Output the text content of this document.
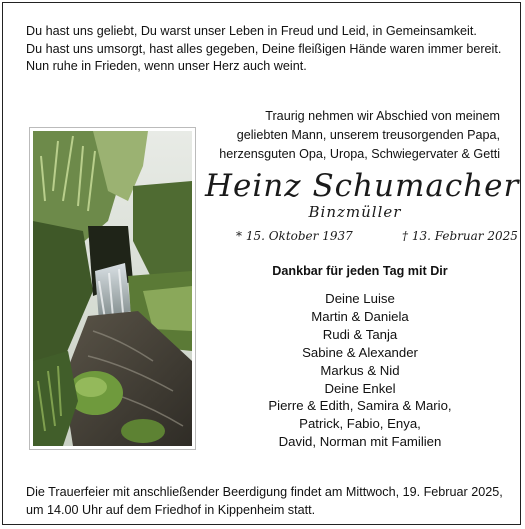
Du hast uns geliebt, Du warst unser Leben in Freud und Leid, in Gemeinsamkeit.
Du hast uns umsorgt, hast alles gegeben, Deine fleißigen Hände waren immer bereit.
Nun ruhe in Frieden, wenn unser Herz auch weint.
Traurig nehmen wir Abschied von meinem
geliebten Mann, unserem treusorgenden Papa,
herzensguten Opa, Uropa, Schwiegervater & Getti
Heinz Schumacher
Binzmüller
* 15. Oktober 1937	† 13. Februar 2025
Dankbar für jeden Tag mit Dir
Deine Luise
Martin & Daniela
Rudi & Tanja
Sabine & Alexander
Markus & Nid
Deine Enkel
Pierre & Edith, Samira & Mario,
Patrick, Fabio, Enya,
David, Norman mit Familien
Die Trauerfeier mit anschließender Beerdigung findet am Mittwoch, 19. Februar 2025,
um 14.00 Uhr auf dem Friedhof in Kippenheim statt.
